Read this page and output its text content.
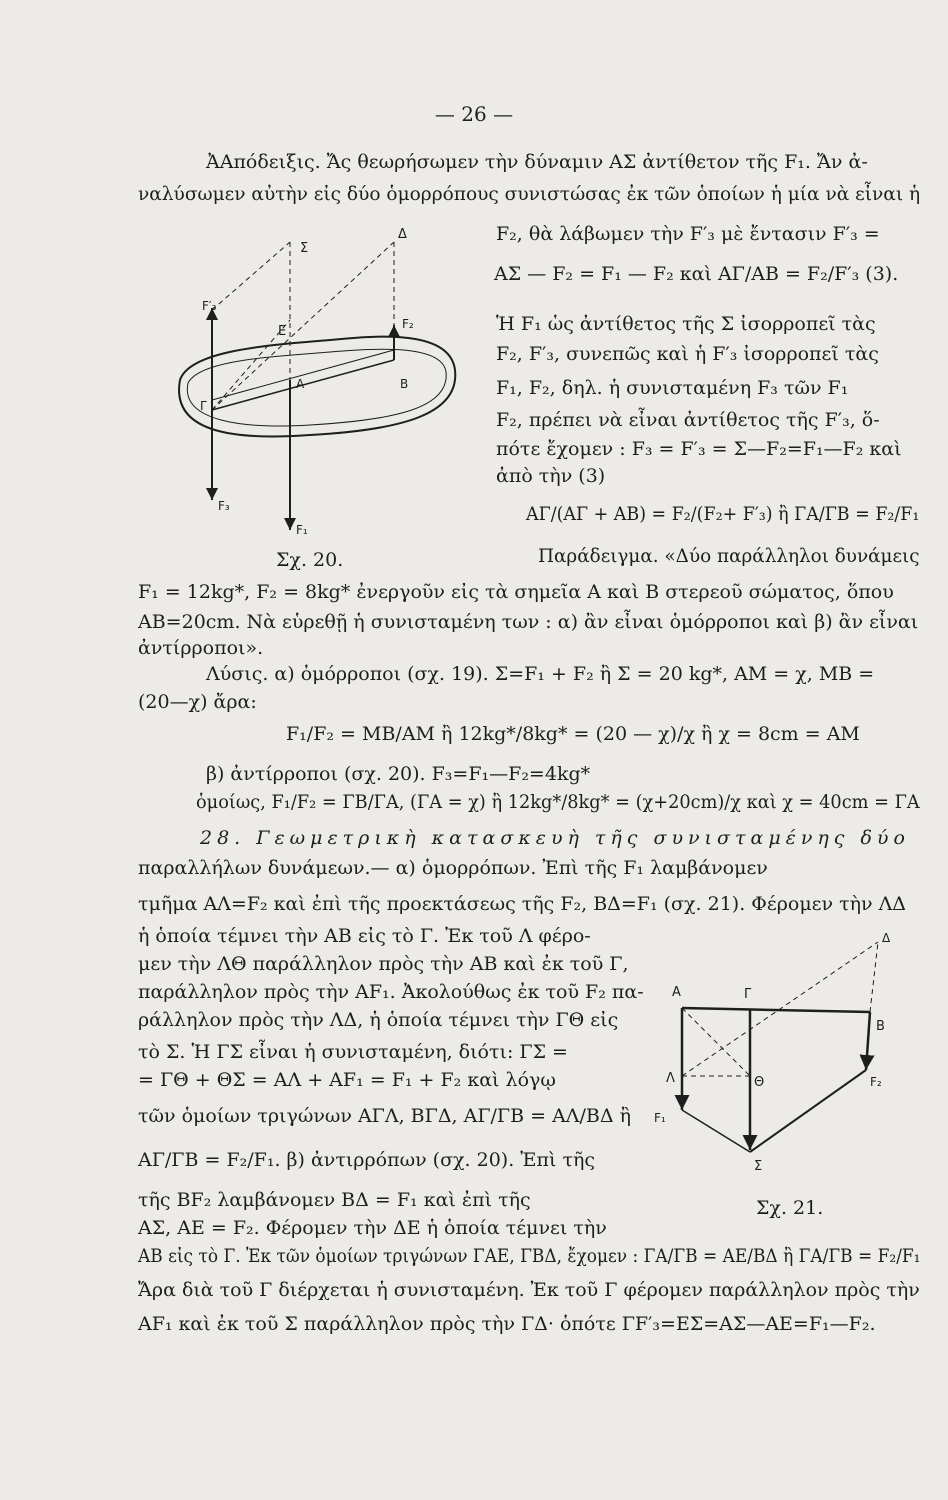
— 26 —
ἈΑπόδειξις. Ἄς θεωρήσωμεν τὴν δύναμιν ΑΣ ἀντίθετον τῆς F₁. Ἄν ἀ-
ναλύσωμεν αὐτὴν εἰς δύο ὁμορρόπους συνιστώσας ἐκ τῶν ὁποίων ἡ μία νὰ εἶναι ἡ
F₂, θὰ λάβωμεν τὴν F′₃ μὲ ἔντασιν F′₃ =
ΑΣ — F₂ = F₁ — F₂ καὶ ΑΓ/ΑΒ = F₂/F′₃ (3).
Ἡ F₁ ὡς ἀντίθετος τῆς Σ ἰσορροπεῖ τὰς
F₂, F′₃, συνεπῶς καὶ ἡ F′₃ ἰσορροπεῖ τὰς
F₁, F₂, δηλ. ἡ συνισταμένη F₃ τῶν F₁
F₂, πρέπει νὰ εἶναι ἀντίθετος τῆς F′₃, ὅ-
πότε ἔχομεν : F₃ = F′₃ = Σ—F₂=F₁—F₂ καὶ
ἀπὸ τὴν (3)
ΑΓ/(ΑΓ + ΑΒ) = F₂/(F₂+ F′₃) ἢ ΓΑ/ΓΒ = F₂/F₁
Σ
Δ
F′₃
Ε	F₂
Α	Β
Γ
F₃
F₁
Σχ. 20.	Παράδειγμα. «Δύο παράλληλοι δυνάμεις
F₁ = 12kg*, F₂ = 8kg* ἐνεργοῦν εἰς τὰ σημεῖα Α καὶ Β στερεοῦ σώματος, ὅπου
ΑΒ=20cm. Νὰ εὑρεθῇ ἡ συνισταμένη των : α) ἂν εἶναι ὁμόρροποι καὶ β) ἂν εἶναι
ἀντίρροποι».
Λύσις. α) ὁμόρροποι (σχ. 19). Σ=F₁ + F₂ ἢ Σ = 20 kg*, ΑΜ = χ, ΜΒ =
(20—χ) ἄρα:
F₁/F₂ = ΜΒ/ΑΜ ἢ 12kg*/8kg* = (20 — χ)/χ ἢ χ = 8cm = ΑΜ
β) ἀντίρροποι (σχ. 20). F₃=F₁—F₂=4kg*
ὁμοίως, F₁/F₂ = ΓΒ/ΓΑ, (ΓΑ = χ) ἢ 12kg*/8kg* = (χ+20cm)/χ καὶ χ = 40cm = ΓΑ
28. Γεωμετρικὴ κατασκευὴ τῆς συνισταμένης δύο
παραλλήλων δυνάμεων.— α) ὁμορρόπων. Ἐπὶ τῆς F₁ λαμβάνομεν
τμῆμα ΑΛ=F₂ καὶ ἐπὶ τῆς προεκτάσεως τῆς F₂, ΒΔ=F₁ (σχ. 21). Φέρομεν τὴν ΛΔ
ἡ ὁποία τέμνει τὴν ΑΒ εἰς τὸ Γ. Ἐκ τοῦ Λ φέρο-
μεν τὴν ΛΘ παράλληλον πρὸς τὴν ΑΒ καὶ ἐκ τοῦ Γ,
παράλληλον πρὸς τὴν ΑF₁. Ἀκολούθως ἐκ τοῦ F₂ πα-
ράλληλον πρὸς τὴν ΛΔ, ἡ ὁποία τέμνει τὴν ΓΘ εἰς
τὸ Σ. Ἡ ΓΣ εἶναι ἡ συνισταμένη, διότι: ΓΣ =
= ΓΘ + ΘΣ = ΑΛ + ΑF₁ = F₁ + F₂ καὶ λόγῳ
τῶν ὁμοίων τριγώνων ΑΓΛ, ΒΓΔ, ΑΓ/ΓΒ = ΑΛ/ΒΔ ἢ
ΑΓ/ΓΒ = F₂/F₁. β) ἀντιρρόπων (σχ. 20). Ἐπὶ τῆς
τῆς ΒF₂ λαμβάνομεν ΒΔ = F₁ καὶ ἐπὶ τῆς
ΑΣ, ΑΕ = F₂. Φέρομεν τὴν ΔΕ ἡ ὁποία τέμνει τὴν
Δ
Α	Γ
Β
Θ
Λ	F₂
F₁
Σ
Σχ. 21.
ΑΒ εἰς τὸ Γ. Ἐκ τῶν ὁμοίων τριγώνων ΓΑΕ, ΓΒΔ, ἔχομεν : ΓΑ/ΓΒ = ΑΕ/ΒΔ ἢ ΓΑ/ΓΒ = F₂/F₁
Ἄρα διὰ τοῦ Γ διέρχεται ἡ συνισταμένη. Ἐκ τοῦ Γ φέρομεν παράλληλον πρὸς τὴν
ΑF₁ καὶ ἐκ τοῦ Σ παράλληλον πρὸς τὴν ΓΔ· ὁπότε ΓF′₃=ΕΣ=ΑΣ—ΑΕ=F₁—F₂.
